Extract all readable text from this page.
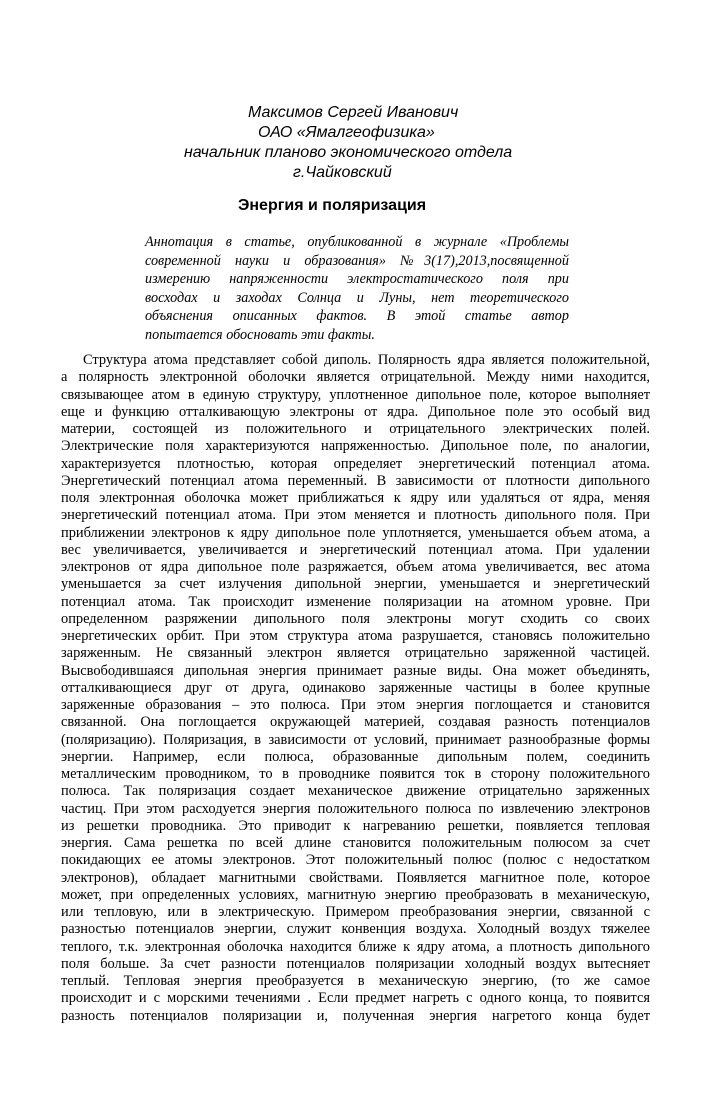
Максимов Сергей Иванович
ОАО «Ямалгеофизика»
начальник планово экономического отдела
г.Чайковский
Энергия и поляризация
Аннотация в статье, опубликованной в журнале «Проблемы
современной науки и образования» №3(17),2013,посвященной
измерению напряженности электростатического поля при
восходах и заходах Солнца и Луны, нет теоретического
объяснения описанных фактов. В этой статье автор
попытается обосновать эти факты.
Структура атома представляет собой диполь. Полярность ядра является положительной,
а полярность электронной оболочки является отрицательной. Между ними находится,
связывающее атом в единую структуру, уплотненное дипольное поле, которое выполняет
еще и функцию отталкивающую электроны от ядра. Дипольное поле это особый вид
материи, состоящей из положительного и отрицательного электрических полей.
Электрические поля характеризуются напряженностью. Дипольное поле, по аналогии,
характеризуется плотностью, которая определяет энергетический потенциал атома.
Энергетический потенциал атома переменный. В зависимости от плотности дипольного
поля электронная оболочка может приближаться к ядру или удаляться от ядра, меняя
энергетический потенциал атома. При этом меняется и плотность дипольного поля. При
приближении электронов к ядру дипольное поле уплотняется, уменьшается объем атома, а
вес увеличивается, увеличивается и энергетический потенциал атома. При удалении
электронов от ядра дипольное поле разряжается, объем атома увеличивается, вес атома
уменьшается за счет излучения дипольной энергии, уменьшается и энергетический
потенциал атома. Так происходит изменение поляризации на атомном уровне. При
определенном разряжении дипольного поля электроны могут сходить со своих
энергетических орбит. При этом структура атома разрушается, становясь положительно
заряженным. Не связанный электрон является отрицательно заряженной частицей.
Высвободившаяся дипольная энергия принимает разные виды. Она может объединять,
отталкивающиеся друг от друга, одинаково заряженные частицы в более крупные
заряженные образования – это полюса. При этом энергия поглощается и становится
связанной. Она поглощается окружающей материей, создавая разность потенциалов
(поляризацию). Поляризация, в зависимости от условий, принимает разнообразные формы
энергии. Например, если полюса, образованные дипольным полем, соединить
металлическим проводником, то в проводнике появится ток в сторону положительного
полюса. Так поляризация создает механическое движение отрицательно заряженных
частиц. При этом расходуется энергия положительного полюса по извлечению электронов
из решетки проводника. Это приводит к нагреванию решетки, появляется тепловая
энергия. Сама решетка по всей длине становится положительным полюсом за счет
покидающих ее атомы электронов. Этот положительный полюс (полюс с недостатком
электронов), обладает магнитными свойствами. Появляется магнитное поле, которое
может, при определенных условиях, магнитную энергию преобразовать в механическую,
или тепловую, или в электрическую. Примером преобразования энергии, связанной с
разностью потенциалов энергии, служит конвенция воздуха. Холодный воздух тяжелее
теплого, т.к. электронная оболочка находится ближе к ядру атома, а плотность дипольного
поля больше. За счет разности потенциалов поляризации холодный воздух вытесняет
теплый. Тепловая энергия преобразуется в механическую энергию, (то же самое
происходит и с морскими течениями . Если предмет нагреть с одного конца, то появится
разность потенциалов поляризации и, полученная энергия нагретого конца будет
